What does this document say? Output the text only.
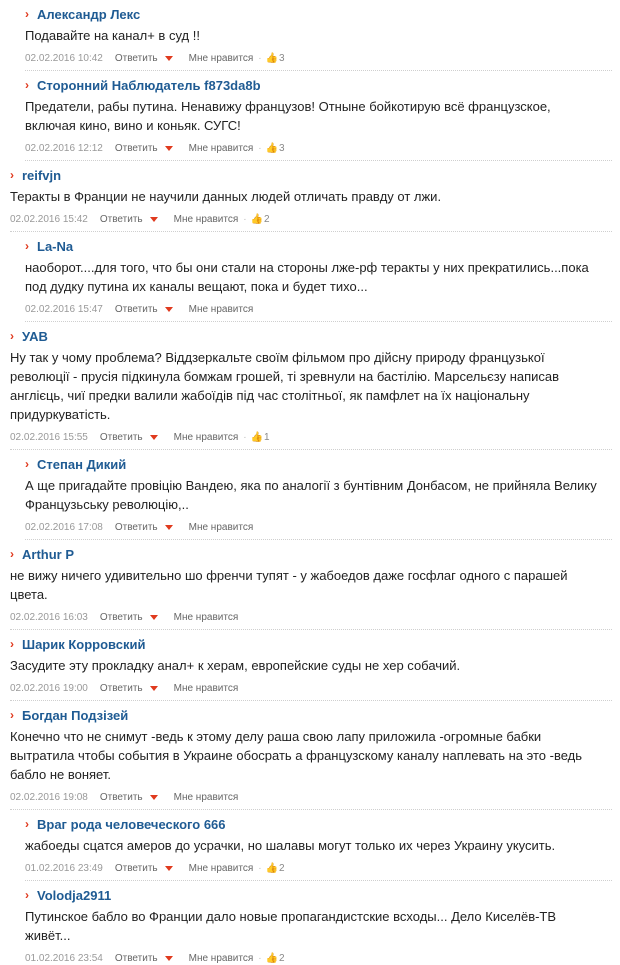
› Александр Лекс
Подавайте на канал+ в суд !!
02.02.2016 10:42 Ответить	Мне нравится · 👍 3
› Сторонний Наблюдатель f873da8b
Предатели, рабы путина. Ненавижу французов! Отныне бойкотирую всё французское, включая кино, вино и коньяк. СУГС!
02.02.2016 12:12 Ответить	Мне нравится · 👍 3
› reifvjn
Теракты в Франции не научили данных людей отличать правду от лжи.
02.02.2016 15:42 Ответить	Мне нравится · 👍 2
› La-Na
наоборот....для того, что бы они стали на стороны лже-рф теракты у них прекратились...пока под дудку путина их каналы вещают, пока и будет тихо...
02.02.2016 15:47 Ответить	Мне нравится
› УАВ
Ну так у чому проблема? Віддзеркальте своїм фільмом про дійсну природу французької революції - прусія підкинула бомжам грошей, ті зревнули на бастілію. Марсельєзу написав англієць, чиї предки валили жабоїдів під час столітньої, як памфлет на їх національну придуркуватість.
02.02.2016 15:55 Ответить	Мне нравится · 👍 1
› Степан Дикий
А ще пригадайте провіцію Вандею, яка по аналогії з бунтівним Донбасом, не прийняла Велику Французьську революцію,..
02.02.2016 17:08 Ответить	Мне нравится
› Arthur P
не вижу ничего удивительно шо френчи тупят - у жабоедов даже госфлаг одного с парашей цвета.
02.02.2016 16:03 Ответить	Мне нравится
› Шарик Корровский
Засудите эту прокладку анал+ к херам, европейские суды не хер собачий.
02.02.2016 19:00 Ответить	Мне нравится
› Богдан Подзізей
Конечно что не снимут -ведь к этому делу раша свою лапу приложила -огромные бабки вытратила чтобы события в Украине обосрать а французскому каналу наплевать на это -ведь бабло не воняет.
02.02.2016 19:08 Ответить	Мне нравится
› Враг рода человеческого 666
жабоеды сцатся амеров до усрачки, но шалавы могут только их через Украину укусить.
01.02.2016 23:49 Ответить	Мне нравится · 👍 2
› Volodja2911
Путинское бабло во Франции дало новые пропагандистские всходы... Дело Киселёв-ТВ живёт...
01.02.2016 23:54 Ответить	Мне нравится · 👍 2
